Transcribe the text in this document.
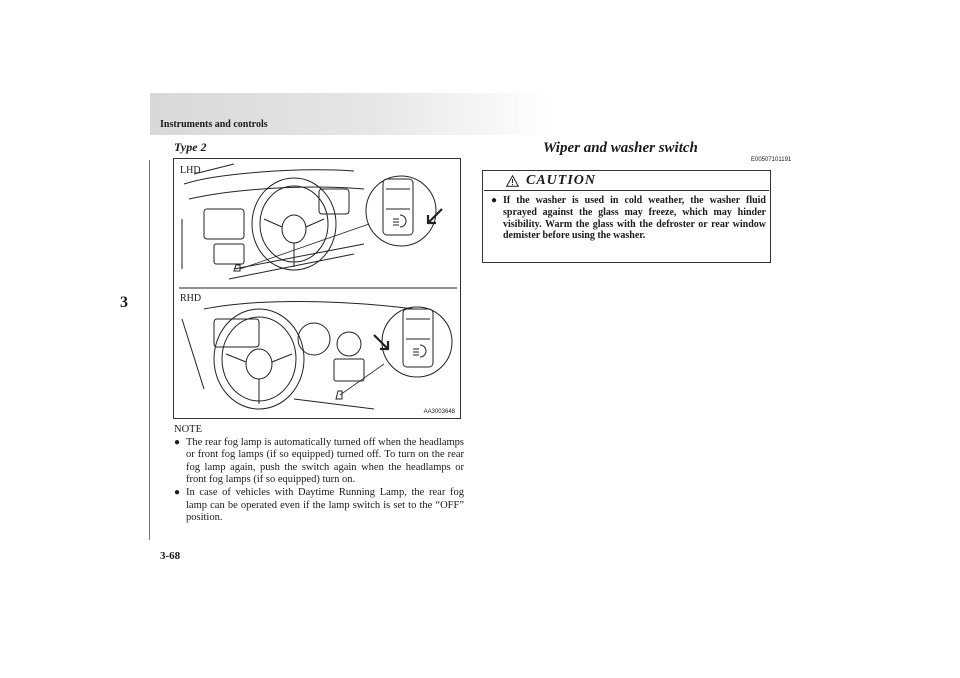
Instruments and controls
3
3-68
Type 2
LHD
RHD
AA3003648
NOTE
● The rear fog lamp is automatically turned off when the headlamps or front fog lamps (if so equipped) turned off. To turn on the rear fog lamp again, push the switch again when the headlamps or front fog lamps (if so equipped) turn on.
● In case of vehicles with Daytime Running Lamp, the rear fog lamp can be operated even if the lamp switch is set to the “OFF” position.
Wiper and washer switch
E00507101191
CAUTION
● If the washer is used in cold weather, the washer fluid sprayed against the glass may freeze, which may hinder visibility. Warm the glass with the defroster or rear window demister before using the washer.
